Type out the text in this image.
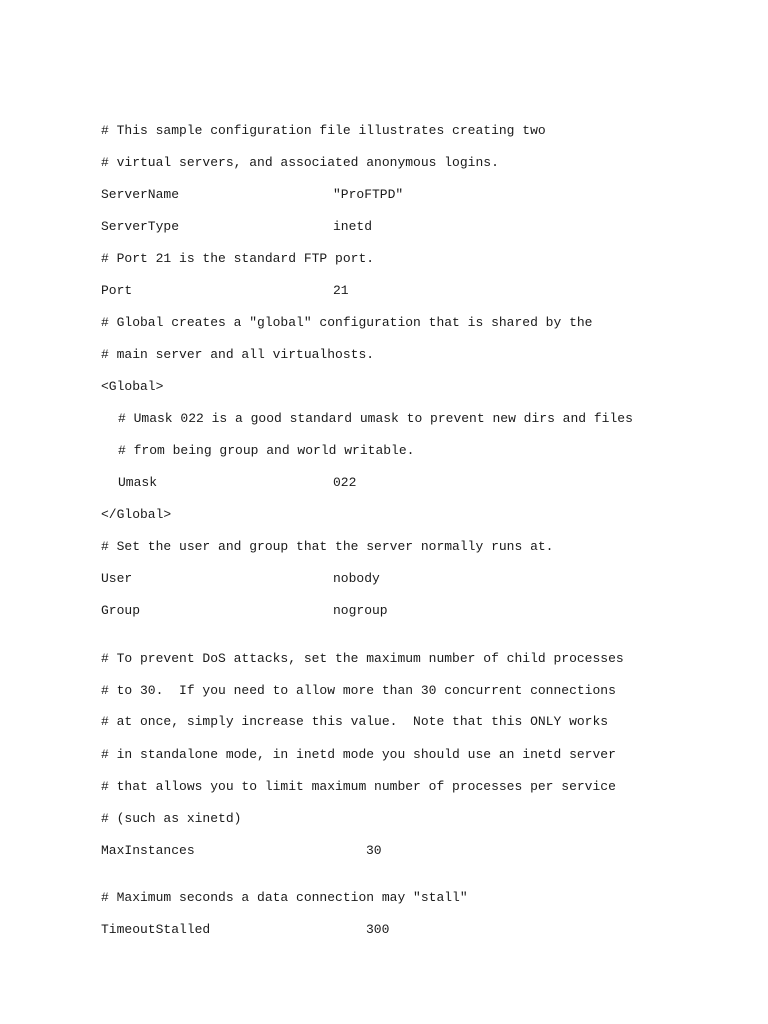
# This sample configuration file illustrates creating two
# virtual servers, and associated anonymous logins.
ServerName	"ProFTPD"
ServerType	inetd
# Port 21 is the standard FTP port.
Port	21
# Global creates a "global" configuration that is shared by the
# main server and all virtualhosts.
<Global>
# Umask 022 is a good standard umask to prevent new dirs and files
# from being group and world writable.
Umask	022
</Global>
# Set the user and group that the server normally runs at.
User	nobody
Group	nogroup
# To prevent DoS attacks, set the maximum number of child processes
# to 30.  If you need to allow more than 30 concurrent connections
# at once, simply increase this value.  Note that this ONLY works
# in standalone mode, in inetd mode you should use an inetd server
# that allows you to limit maximum number of processes per service
# (such as xinetd)
MaxInstances	30
# Maximum seconds a data connection may "stall"
TimeoutStalled	300
